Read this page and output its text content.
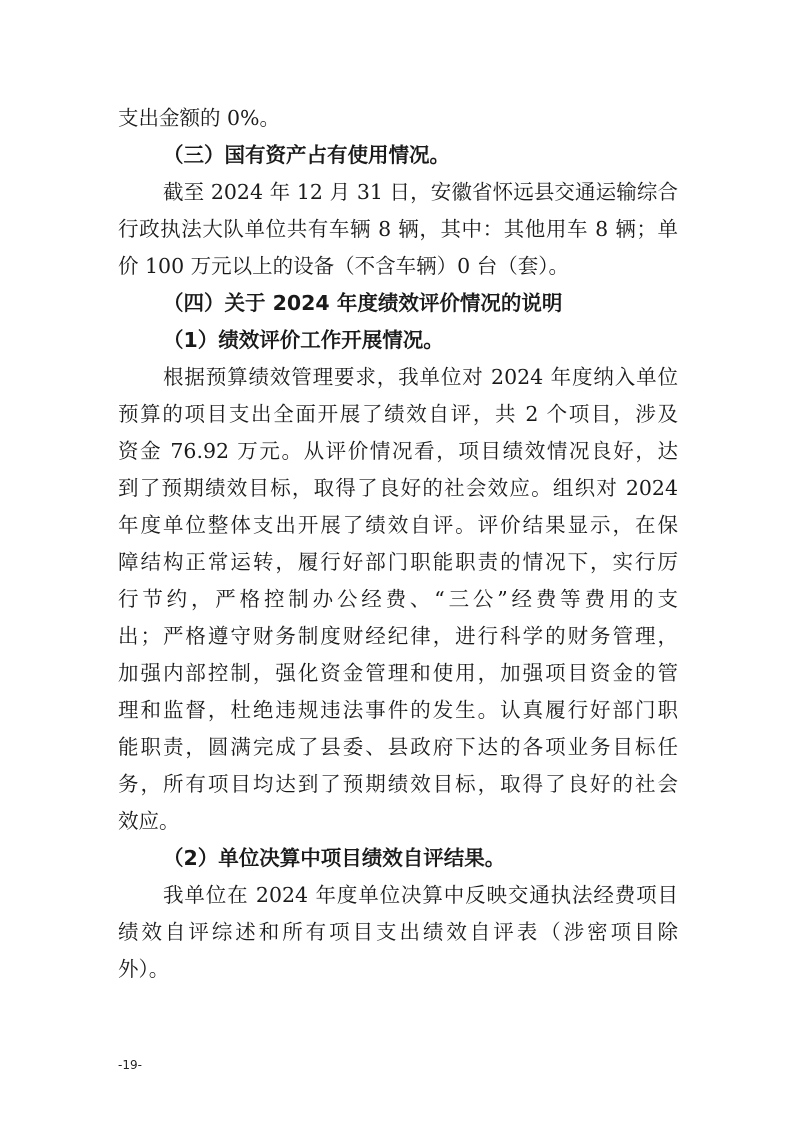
支出金额的 0%。
（三）国有资产占有使用情况。
截至 2024 年 12 月 31 日，安徽省怀远县交通运输综合
行政执法大队单位共有车辆 8 辆，其中：其他用车 8 辆；单
价 100 万元以上的设备（不含车辆）0 台（套）。
（四）关于 2024 年度绩效评价情况的说明
（1）绩效评价工作开展情况。
根据预算绩效管理要求，我单位对 2024 年度纳入单位
预算的项目支出全面开展了绩效自评，共 2 个项目，涉及
资金 76.92 万元。从评价情况看，项目绩效情况良好，达
到了预期绩效目标，取得了良好的社会效应。组织对 2024
年度单位整体支出开展了绩效自评。评价结果显示，在保
障结构正常运转，履行好部门职能职责的情况下，实行厉
行节约，严格控制办公经费、“三公”经费等费用的支
出；严格遵守财务制度财经纪律，进行科学的财务管理，
加强内部控制，强化资金管理和使用，加强项目资金的管
理和监督，杜绝违规违法事件的发生。认真履行好部门职
能职责，圆满完成了县委、县政府下达的各项业务目标任
务，所有项目均达到了预期绩效目标，取得了良好的社会
效应。
（2）单位决算中项目绩效自评结果。
我单位在 2024 年度单位决算中反映交通执法经费项目
绩效自评综述和所有项目支出绩效自评表（涉密项目除
外）。
-19-
